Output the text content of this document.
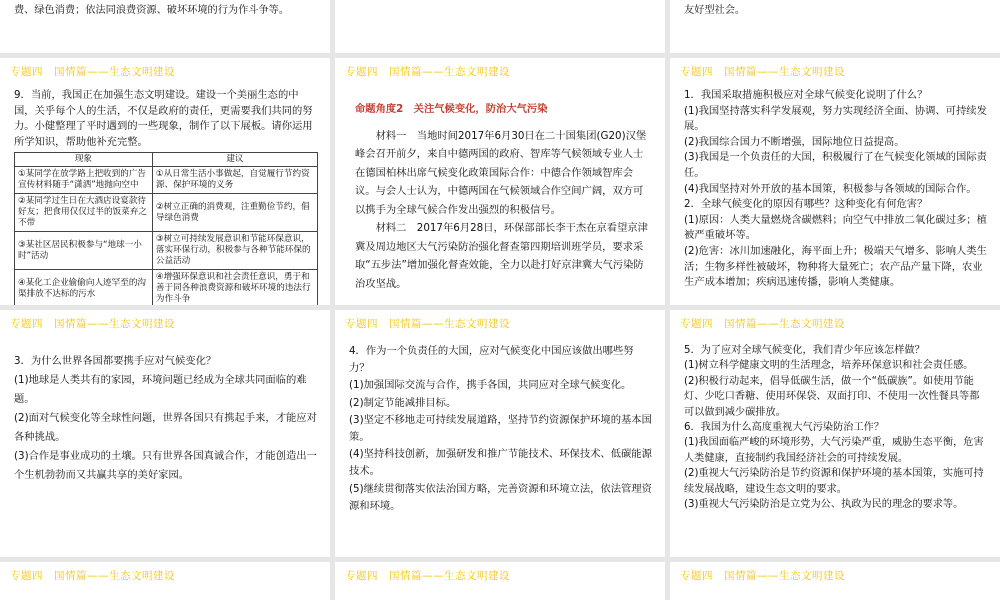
费、绿色消费；依法同浪费资源、破坏环境的行为作斗争等。	友好型社会。
专题四　国情篇——生态文明建设

9．当前，我国正在加强生态文明建设。建设一个美丽生态的中国，关乎每个人的生活，不仅是政府的责任，更需要我们共同的努力。小健整理了平时遇到的一些现象，制作了以下展板。请你运用所学知识，帮助他补充完整。

现象	建议
①某同学在放学路上把收到的广告宣传材料随手“潇洒”地抛向空中	①从日常生活小事做起，自觉履行节约资源、保护环境的义务
②某同学过生日在大酒店设宴款待好友；把食用仅仅过半的饭菜弃之不带	②树立正确的消费观，注重勤俭节约，倡导绿色消费
③某社区居民积极参与“地球一小时”活动	③树立可持续发展意识和节能环保意识，落实环保行动，积极参与各种节能环保的公益活动
④某化工企业偷偷向人迹罕至的沟渠排放不达标的污水	④增强环保意识和社会责任意识，勇于和善于同各种浪费资源和破坏环境的违法行为作斗争
专题四　国情篇——生态文明建设

命题角度2　关注气候变化，防治大气污染

材料一　当地时间2017年6月30日在二十国集团(G20)汉堡峰会召开前夕，来自中德两国的政府、智库等气候领域专业人士在德国柏林出席气候变化政策国际合作：中德合作领域智库会议。与会人士认为，中德两国在气候领域合作空间广阔，双方可以携手为全球气候合作发出强烈的积极信号。

材料二　2017年6月28日，环保部部长李干杰在京看望京津冀及周边地区大气污染防治强化督查第四期培训班学员，要求采取“五步法”增加强化督查效能，全力以赴打好京津冀大气污染防治攻坚战。

专题四　国情篇——生态文明建设

1．我国采取措施积极应对全球气候变化说明了什么？

(1)我国坚持落实科学发展观，努力实现经济全面、协调、可持续发展。

(2)我国综合国力不断增强，国际地位日益提高。

(3)我国是一个负责任的大国，积极履行了在气候变化领域的国际责任。

(4)我国坚持对外开放的基本国策，积极参与各领域的国际合作。

2．全球气候变化的原因有哪些？这种变化有何危害？

(1)原因：人类大量燃烧含碳燃料；向空气中排放二氧化碳过多；植被严重破坏等。

(2)危害：冰川加速融化，海平面上升；极端天气增多、影响人类生活；生物多样性被破坏，物种将大量死亡；农产品产量下降，农业生产成本增加；疾病迅速传播，影响人类健康。

专题四　国情篇——生态文明建设

3．为什么世界各国都要携手应对气候变化？

(1)地球是人类共有的家园，环境问题已经成为全球共同面临的难题。

(2)面对气候变化等全球性问题，世界各国只有携起手来，才能应对各种挑战。

(3)合作是事业成功的土壤。只有世界各国真诚合作，才能创造出一个生机勃勃而又共赢共享的美好家园。

专题四　国情篇——生态文明建设

4．作为一个负责任的大国，应对气候变化中国应该做出哪些努力？

(1)加强国际交流与合作，携手各国，共同应对全球气候变化。

(2)制定节能减排目标。

(3)坚定不移地走可持续发展道路，坚持节约资源保护环境的基本国策。

(4)坚持科技创新，加强研发和推广节能技术、环保技术、低碳能源技术。

(5)继续贯彻落实依法治国方略，完善资源和环境立法，依法管理资源和环境。

专题四　国情篇——生态文明建设

5．为了应对全球气候变化，我们青少年应该怎样做？

(1)树立科学健康文明的生活理念，培养环保意识和社会责任感。

(2)积极行动起来，倡导低碳生活，做一个“低碳族”。如使用节能灯、少吃口香糖、使用环保袋、双面打印、不使用一次性餐具等都可以做到减少碳排放。

6．我国为什么高度重视大气污染防治工作？

(1)我国面临严峻的环境形势，大气污染严重，威胁生态平衡，危害人类健康，直接制约我国经济社会的可持续发展。

(2)重视大气污染防治是节约资源和保护环境的基本国策，实施可持续发展战略，建设生态文明的要求。

(3)重视大气污染防治是立党为公、执政为民的理念的要求等。

专题四　国情篇——生态文明建设	专题四　国情篇——生态文明建设	专题四　国情篇——生态文明建设
